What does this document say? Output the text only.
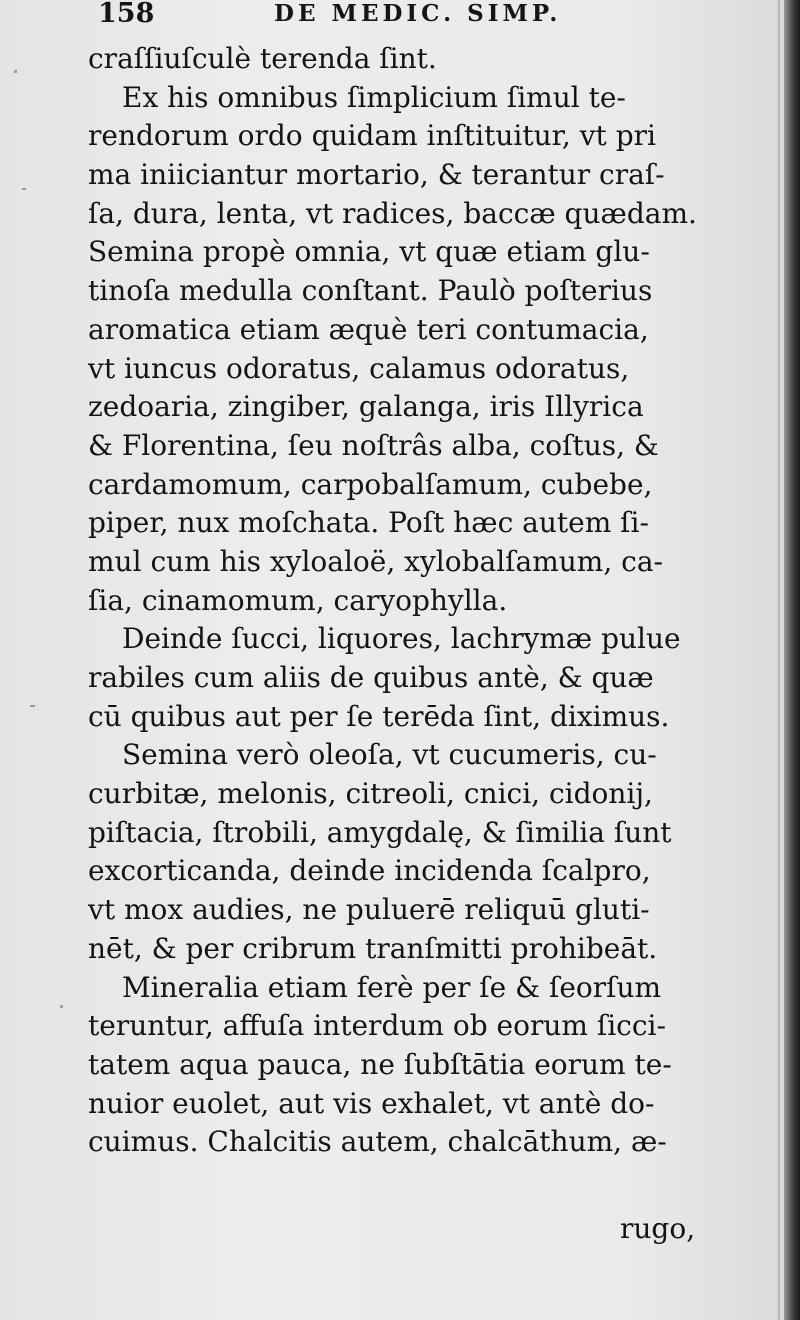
158	DE MEDIC. SIMP.
craſſiuſculè terenda ſint.
Ex his omnibus ſimplicium ſimul te-
rendorum ordo quidam inſtituitur, vt pri
ma iniiciantur mortario, & terantur craſ-
ſa, dura, lenta, vt radices, baccæ quædam.
Semina propè omnia, vt quæ etiam glu-
tinoſa medulla conſtant. Paulò poſterius
aromatica etiam æquè teri contumacia,
vt iuncus odoratus, calamus odoratus,
zedoaria, zingiber, galanga, iris Illyrica
& Florentina, ſeu noſtrâs alba, coſtus, &
cardamomum, carpobalſamum, cubebe,
piper, nux moſchata. Poſt hæc autem ſi-
mul cum his xyloaloë, xylobalſamum, ca-
ſia, cinamomum, caryophylla.
Deinde ſucci, liquores, lachrymæ pulue
rabiles cum aliis de quibus antè, & quæ
cū quibus aut per ſe terēda ſint, diximus.
Semina verò oleoſa, vt cucumeris, cu-
curbitæ, melonis, citreoli, cnici, cidonij,
piſtacia, ſtrobili, amygdalę, & ſimilia ſunt
excorticanda, deinde incidenda ſcalpro,
vt mox audies, ne puluerē reliquū gluti-
nēt, & per cribrum tranſmitti prohibeāt.
Mineralia etiam ferè per ſe & ſeorſum
teruntur, affuſa interdum ob eorum ſicci-
tatem aqua pauca, ne ſubſtātia eorum te-
nuior euolet, aut vis exhalet, vt antè do-
cuimus. Chalcitis autem, chalcāthum, æ-
rugo,
